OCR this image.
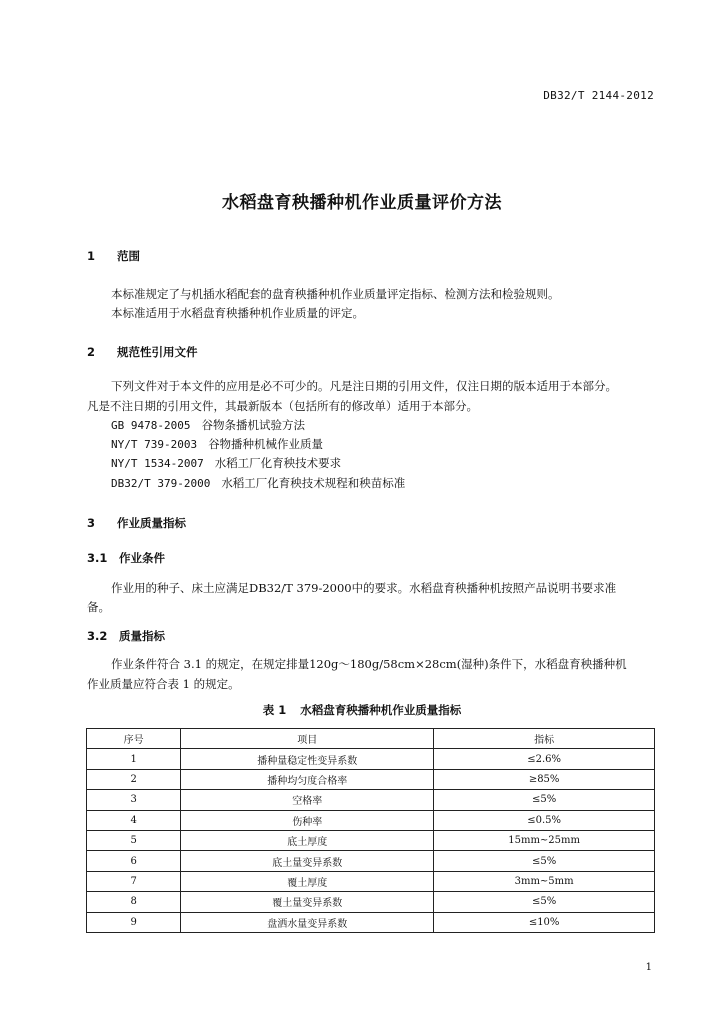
DB32/T 2144-2012
水稻盘育秧播种机作业质量评价方法
1 范围
本标准规定了与机插水稻配套的盘育秧播种机作业质量评定指标、检测方法和检验规则。
本标准适用于水稻盘育秧播种机作业质量的评定。
2 规范性引用文件
下列文件对于本文件的应用是必不可少的。凡是注日期的引用文件，仅注日期的版本适用于本部分。
凡是不注日期的引用文件，其最新版本（包括所有的修改单）适用于本部分。
GB 9478-2005 谷物条播机试验方法
NY/T 739-2003 谷物播种机械作业质量
NY/T 1534-2007 水稻工厂化育秧技术要求
DB32/T 379-2000 水稻工厂化育秧技术规程和秧苗标准
3 作业质量指标
3.1 作业条件
作业用的种子、床土应满足DB32/T 379-2000中的要求。水稻盘育秧播种机按照产品说明书要求准
备。
3.2 质量指标
作业条件符合 3.1 的规定，在规定排量120g～180g/58cm×28cm(湿种)条件下，水稻盘育秧播种机
作业质量应符合表 1 的规定。
表 1 水稻盘育秧播种机作业质量指标
序号	项目	指标
1	播种量稳定性变异系数	≤2.6%
2	播种均匀度合格率	≥85%
3	空格率	≤5%
4	伤种率	≤0.5%
5	底土厚度	15mm~25mm
6	底土量变异系数	≤5%
7	覆土厚度	3mm~5mm
8	覆土量变异系数	≤5%
9	盘洒水量变异系数	≤10%
1
